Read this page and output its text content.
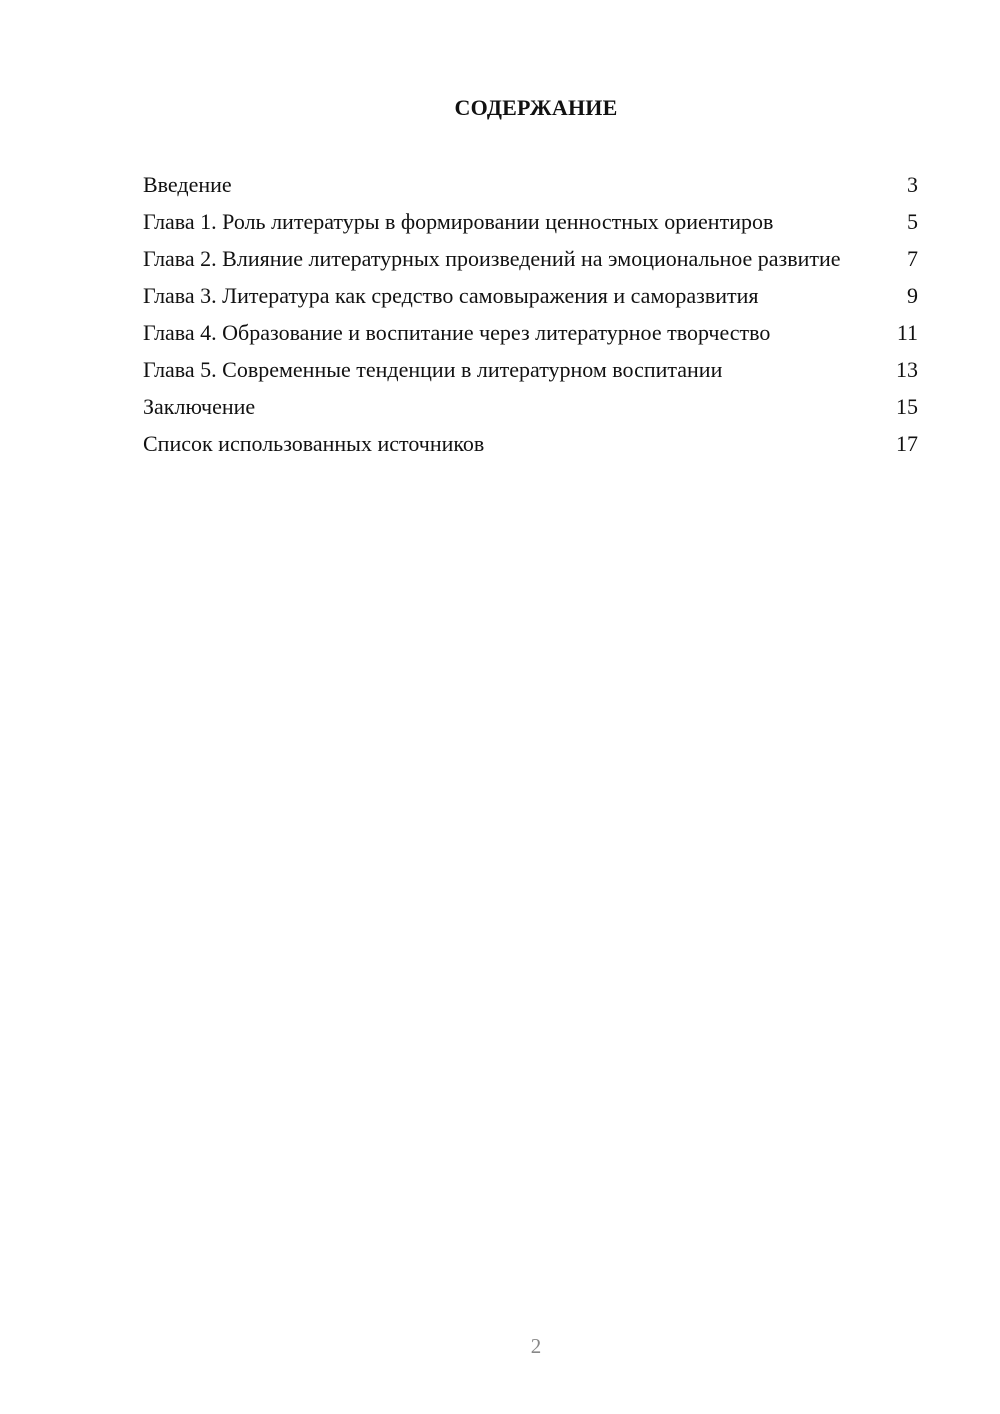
СОДЕРЖАНИЕ
Введение	3
Глава 1. Роль литературы в формировании ценностных ориентиров	5
Глава 2. Влияние литературных произведений на эмоциональное развитие	7
Глава 3. Литература как средство самовыражения и саморазвития	9
Глава 4. Образование и воспитание через литературное творчество	11
Глава 5. Современные тенденции в литературном воспитании	13
Заключение	15
Список использованных источников	17
2
